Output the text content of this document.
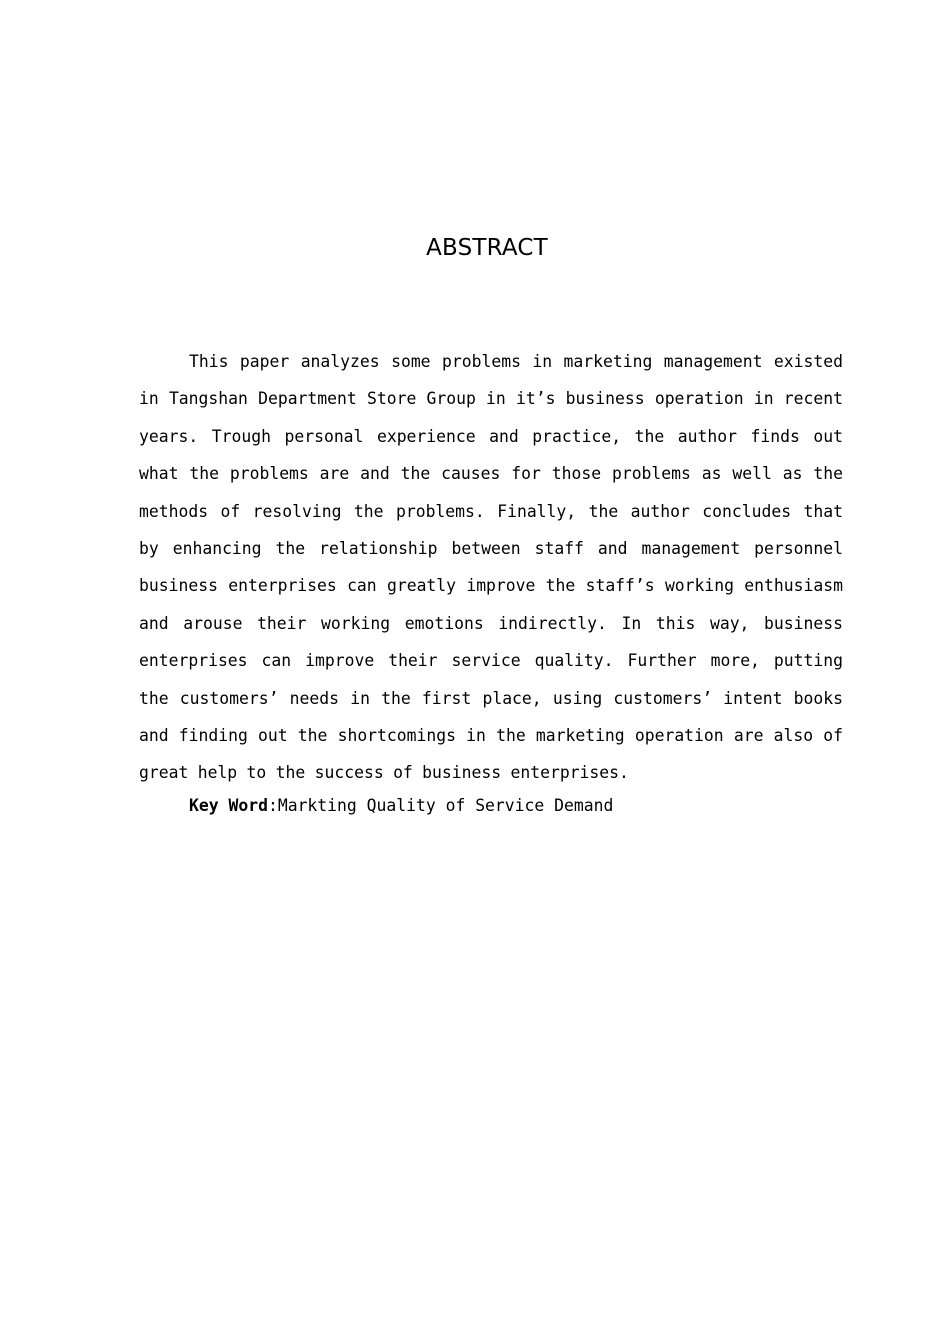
ABSTRACT

This paper analyzes some problems in marketing management existed in Tangshan Department Store Group in it’s business operation in recent years. Trough personal experience and practice, the author finds out what the problems are and the causes for those problems as well as the methods of resolving the problems. Finally, the author concludes that by enhancing the relationship between staff and management personnel business enterprises can greatly improve the staff’s working enthusiasm and arouse their working emotions indirectly. In this way, business enterprises can improve their service quality. Further more, putting the customers’ needs in the first place, using customers’ intent books and finding out the shortcomings in the marketing operation are also of great help to the success of business enterprises.

Key Word:Markting Quality of Service Demand
